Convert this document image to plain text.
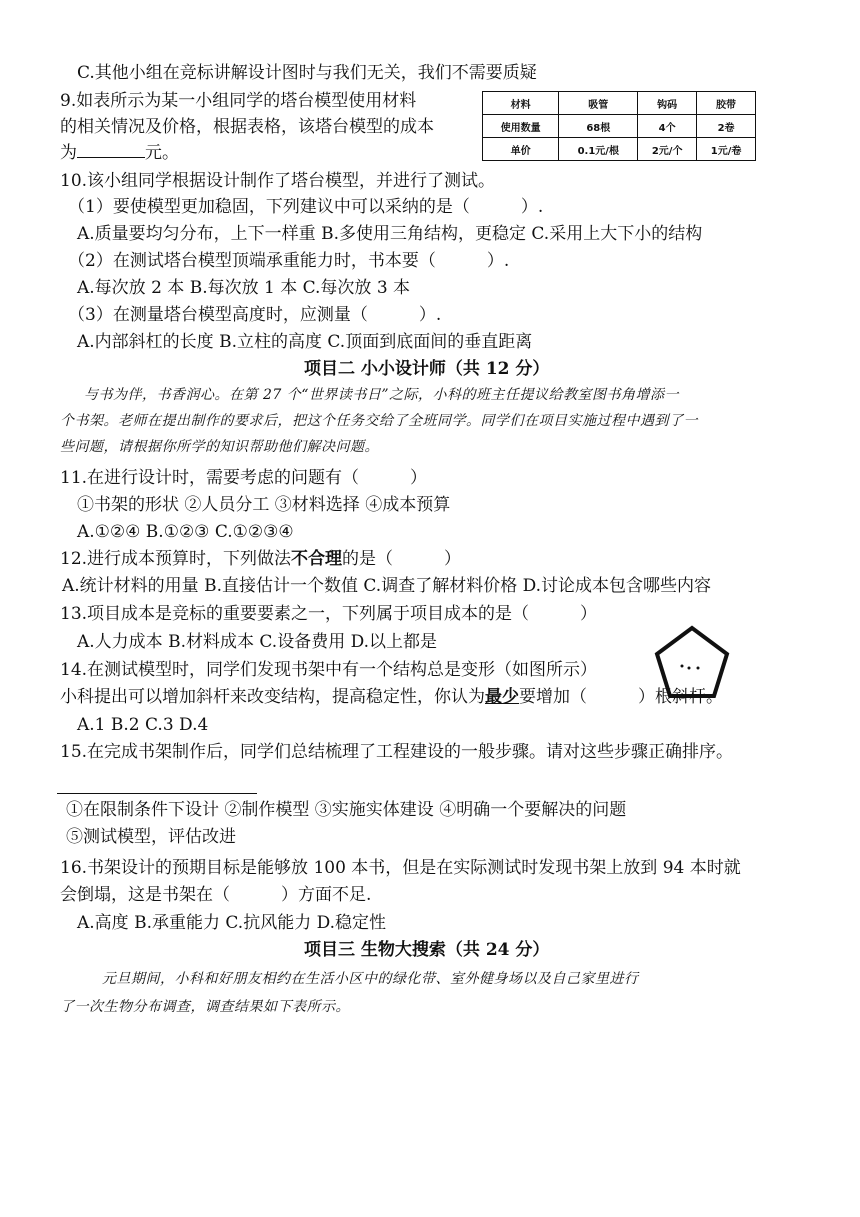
C.其他小组在竞标讲解设计图时与我们无关，我们不需要质疑
9.如表所示为某一小组同学的塔台模型使用材料
的相关情况及价格，根据表格，该塔台模型的成本
为	元。
材料	吸管	钩码	胶带
使用数量	68根	4个	2卷
单价	0.1元/根	2元/个	1元/卷
10.该小组同学根据设计制作了塔台模型，并进行了测试。
（1）要使模型更加稳固，下列建议中可以采纳的是（　　　）.
A.质量要均匀分布，上下一样重 B.多使用三角结构，更稳定 C.采用上大下小的结构
（2）在测试塔台模型顶端承重能力时，书本要（　　　）.
A.每次放 2 本 B.每次放 1 本 C.每次放 3 本
（3）在测量塔台模型高度时，应测量（　　　）.
A.内部斜杠的长度 B.立柱的高度 C.顶面到底面间的垂直距离
项目二 小小设计师（共 12 分）
与书为伴，书香润心。在第 27 个“世界读书日”之际，小科的班主任提议给教室图书角增添一
个书架。老师在提出制作的要求后，把这个任务交给了全班同学。同学们在项目实施过程中遇到了一
些问题，请根据你所学的知识帮助他们解决问题。
11.在进行设计时，需要考虑的问题有（　　　）
①书架的形状 ②人员分工 ③材料选择 ④成本预算
A.①②④ B.①②③ C.①②③④
12.进行成本预算时，下列做法不合理的是（　　　）
A.统计材料的用量 B.直接估计一个数值 C.调查了解材料价格 D.讨论成本包含哪些内容
13.项目成本是竞标的重要要素之一，下列属于项目成本的是（　　　）
A.人力成本 B.材料成本 C.设备费用 D.以上都是
14.在测试模型时，同学们发现书架中有一个结构总是变形（如图所示）
小科提出可以增加斜杆来改变结构，提高稳定性，你认为最少要增加（　　　）根斜杆。
A.1 B.2 C.3 D.4
15.在完成书架制作后，同学们总结梳理了工程建设的一般步骤。请对这些步骤正确排序。
①在限制条件下设计 ②制作模型 ③实施实体建设 ④明确一个要解决的问题
⑤测试模型，评估改进
16.书架设计的预期目标是能够放 100 本书，但是在实际测试时发现书架上放到 94 本时就
会倒塌，这是书架在（　　　）方面不足.
A.高度 B.承重能力 C.抗风能力 D.稳定性
项目三 生物大搜索（共 24 分）
元旦期间，小科和好朋友相约在生活小区中的绿化带、室外健身场以及自己家里进行
了一次生物分布调查，调查结果如下表所示。
